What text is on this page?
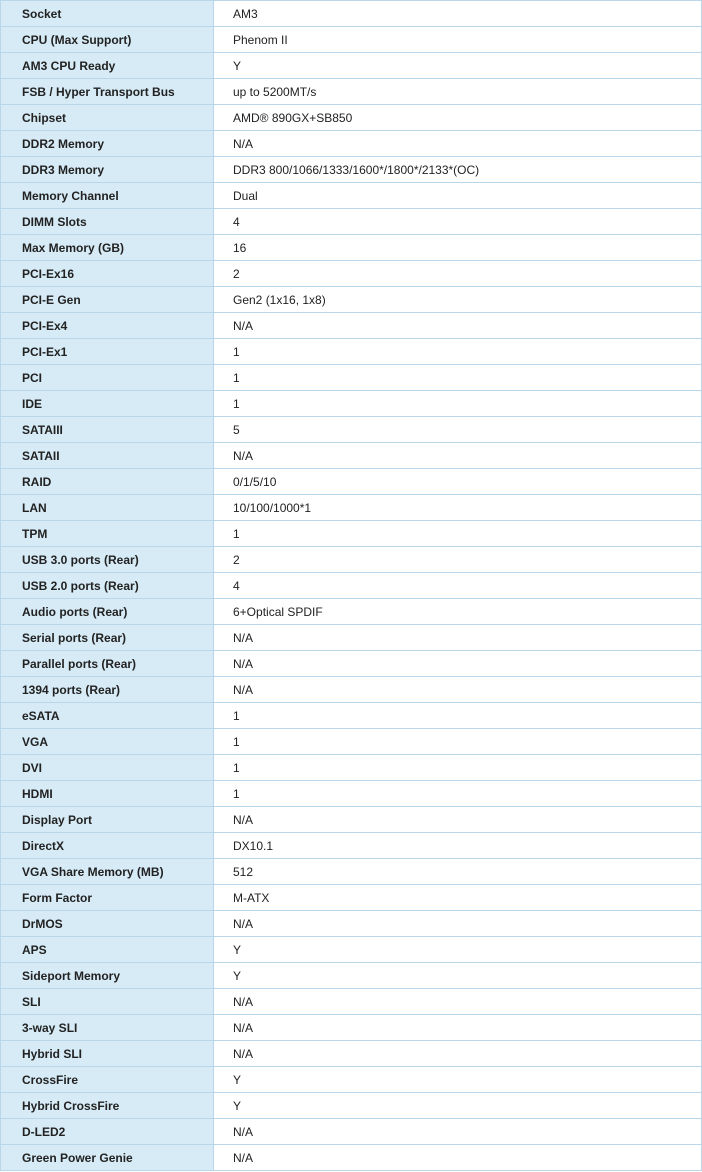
Socket	AM3
CPU (Max Support)	Phenom II
AM3 CPU Ready	Y
FSB / Hyper Transport Bus	up to 5200MT/s
Chipset	AMD® 890GX+SB850
DDR2 Memory	N/A
DDR3 Memory	DDR3 800/1066/1333/1600*/1800*/2133*(OC)
Memory Channel	Dual
DIMM Slots	4
Max Memory (GB)	16
PCI-Ex16	2
PCI-E Gen	Gen2 (1x16, 1x8)
PCI-Ex4	N/A
PCI-Ex1	1
PCI	1
IDE	1
SATAIII	5
SATAII	N/A
RAID	0/1/5/10
LAN	10/100/1000*1
TPM	1
USB 3.0 ports (Rear)	2
USB 2.0 ports (Rear)	4
Audio ports (Rear)	6+Optical SPDIF
Serial ports (Rear)	N/A
Parallel ports (Rear)	N/A
1394 ports (Rear)	N/A
eSATA	1
VGA	1
DVI	1
HDMI	1
Display Port	N/A
DirectX	DX10.1
VGA Share Memory (MB)	512
Form Factor	M-ATX
DrMOS	N/A
APS	Y
Sideport Memory	Y
SLI	N/A
3-way SLI	N/A
Hybrid SLI	N/A
CrossFire	Y
Hybrid CrossFire	Y
D-LED2	N/A
Green Power Genie	N/A
